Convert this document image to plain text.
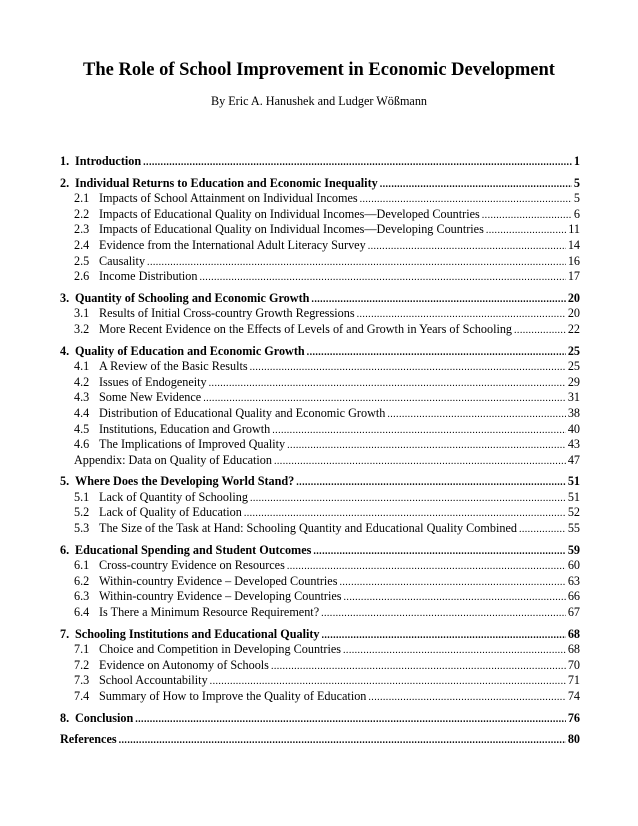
The Role of School Improvement in Economic Development
By Eric A. Hanushek and Ludger Wößmann
1. Introduction .....	1
2. Individual Returns to Education and Economic Inequality .....	5
2.1 Impacts of School Attainment on Individual Incomes .....	5
2.2 Impacts of Educational Quality on Individual Incomes—Developed Countries .....	6
2.3 Impacts of Educational Quality on Individual Incomes—Developing Countries .....	11
2.4 Evidence from the International Adult Literacy Survey .....	14
2.5 Causality .....	16
2.6 Income Distribution .....	17
3. Quantity of Schooling and Economic Growth .....	20
3.1 Results of Initial Cross-country Growth Regressions .....	20
3.2 More Recent Evidence on the Effects of Levels of and Growth in Years of Schooling .....	22
4. Quality of Education and Economic Growth .....	25
4.1 A Review of the Basic Results .....	25
4.2 Issues of Endogeneity .....	29
4.3 Some New Evidence .....	31
4.4 Distribution of Educational Quality and Economic Growth .....	38
4.5 Institutions, Education and Growth .....	40
4.6 The Implications of Improved Quality .....	43
Appendix: Data on Quality of Education .....	47
5. Where Does the Developing World Stand? .....	51
5.1 Lack of Quantity of Schooling .....	51
5.2 Lack of Quality of Education .....	52
5.3 The Size of the Task at Hand: Schooling Quantity and Educational Quality Combined .....	55
6. Educational Spending and Student Outcomes .....	59
6.1 Cross-country Evidence on Resources .....	60
6.2 Within-country Evidence – Developed Countries .....	63
6.3 Within-country Evidence – Developing Countries .....	66
6.4 Is There a Minimum Resource Requirement? .....	67
7. Schooling Institutions and Educational Quality .....	68
7.1 Choice and Competition in Developing Countries .....	68
7.2 Evidence on Autonomy of Schools .....	70
7.3 School Accountability .....	71
7.4 Summary of How to Improve the Quality of Education .....	74
8. Conclusion .....	76
References .....	80
